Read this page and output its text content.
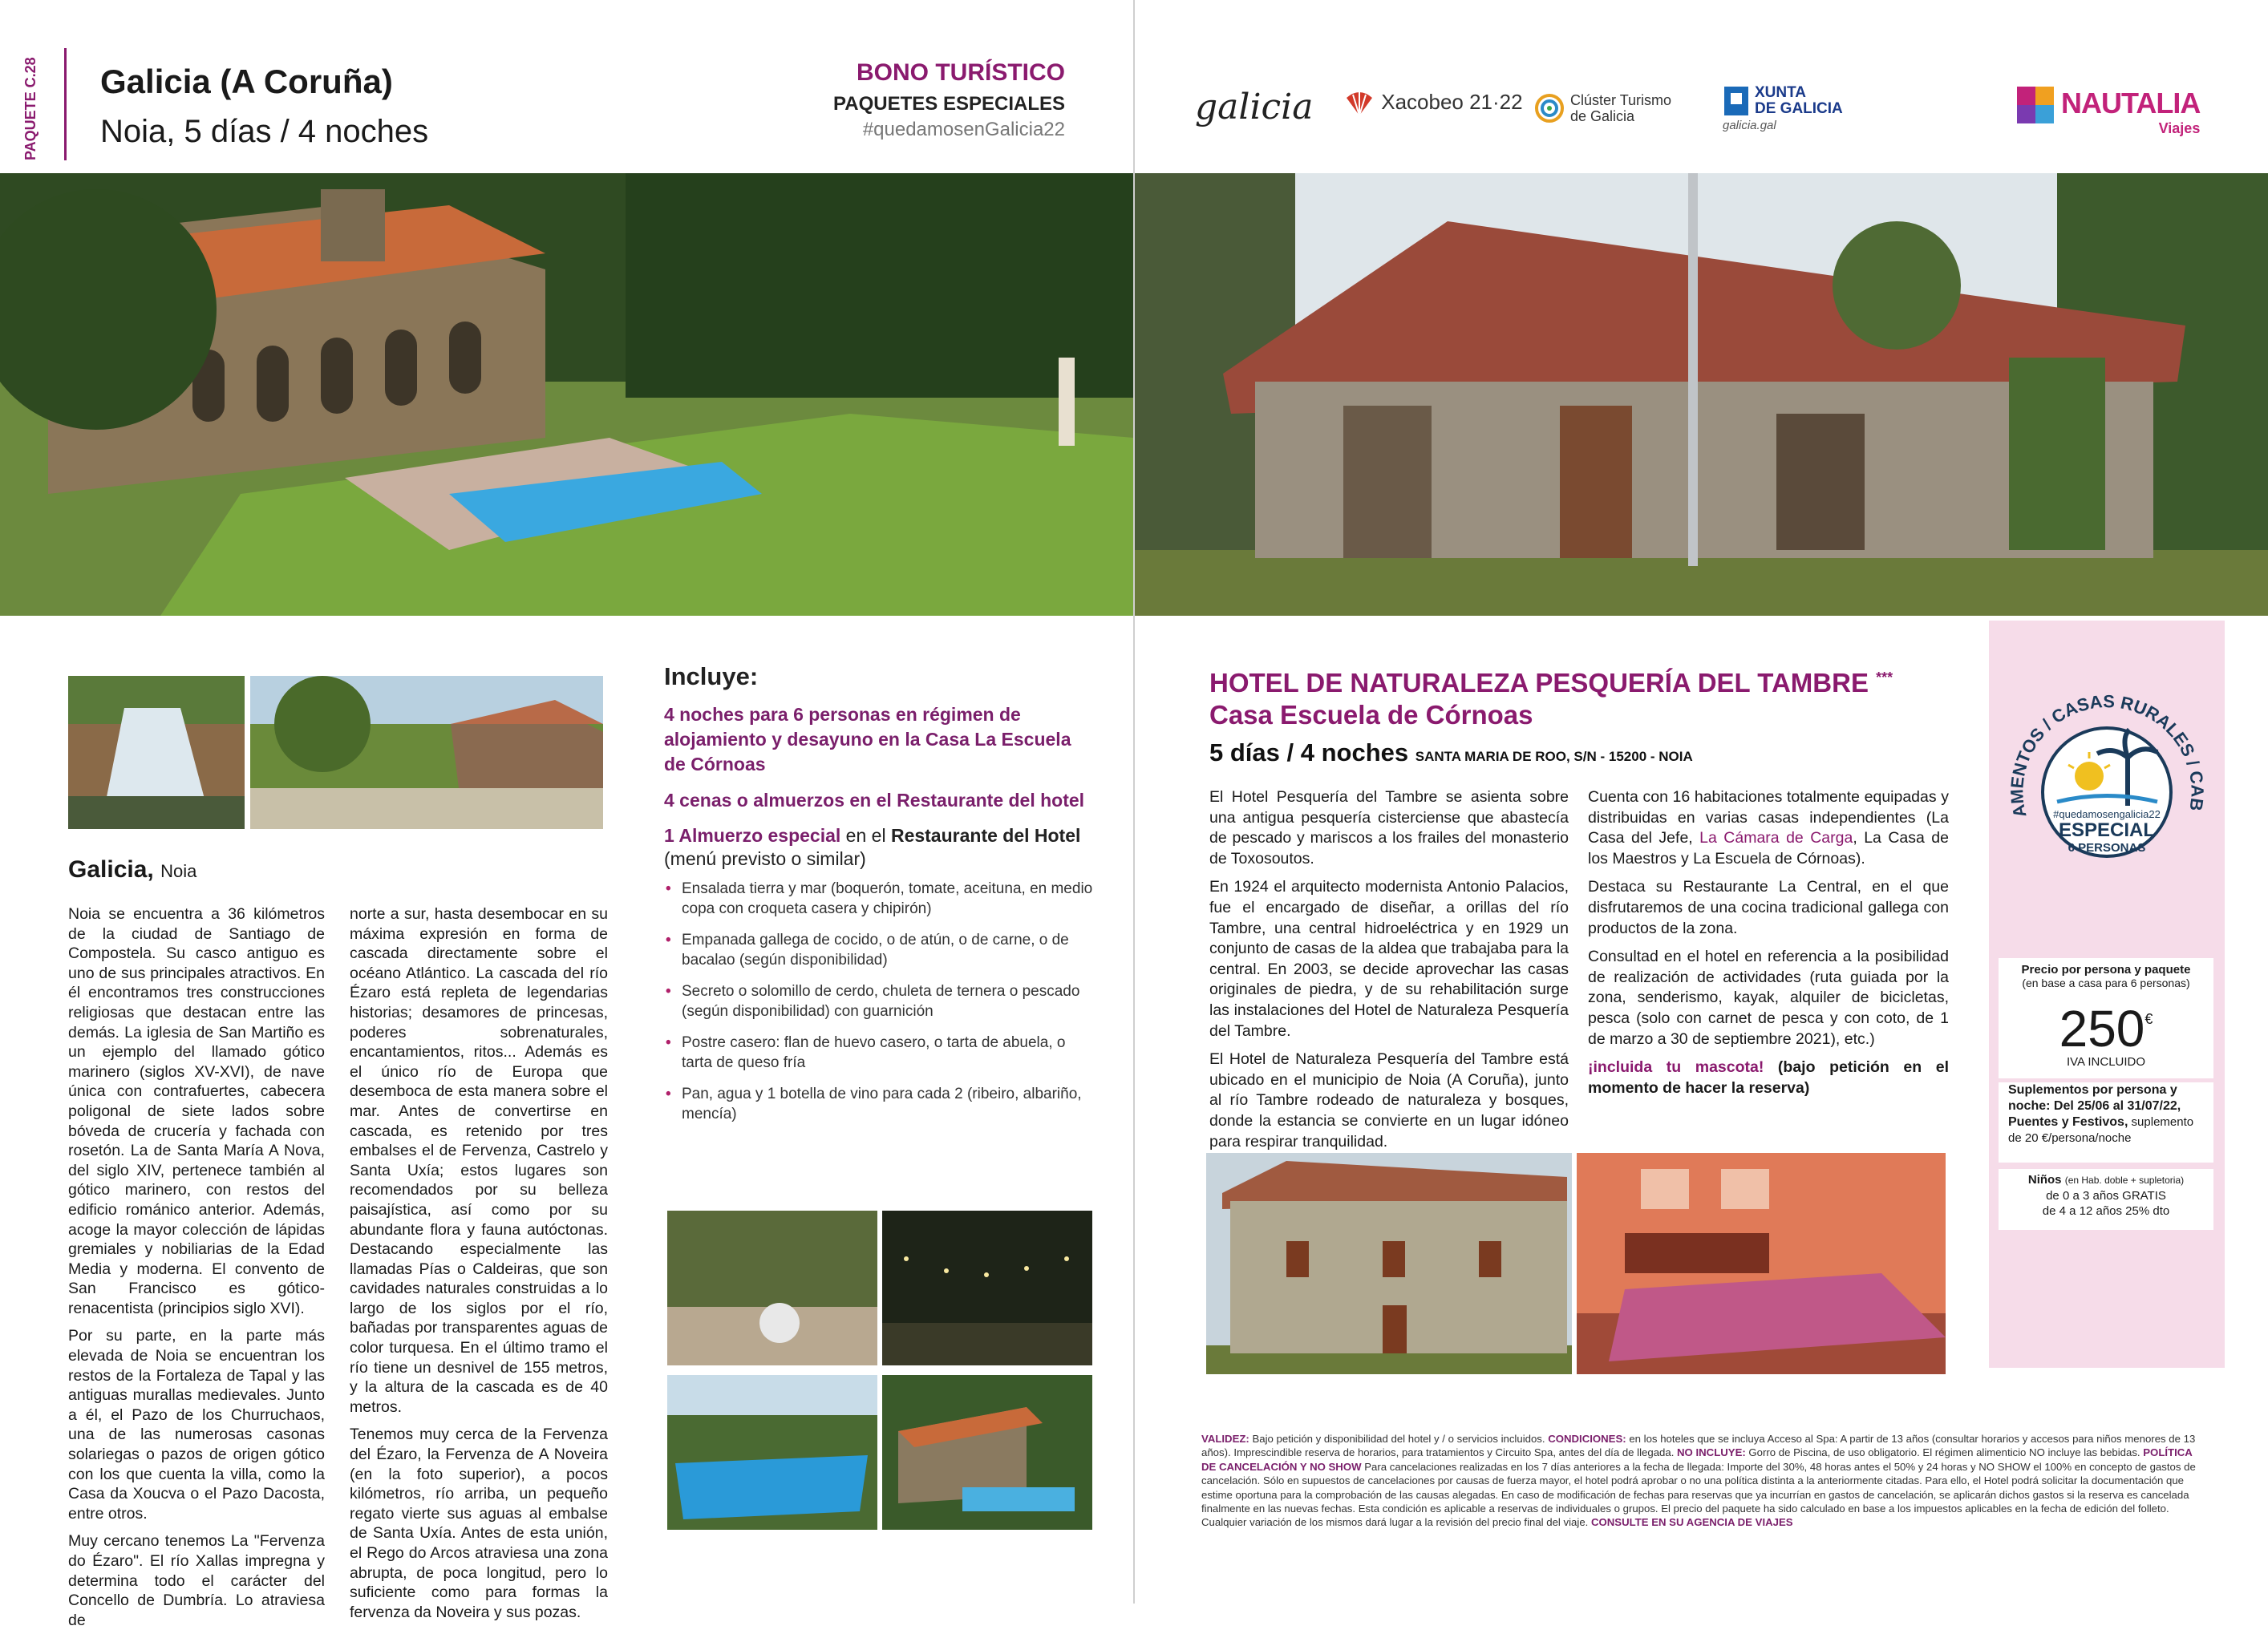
PAQUETE C.28 Galicia (A Coruña)
Noia, 5 días / 4 noches
BONO TURÍSTICO
PAQUETES ESPECIALES
#quedamosenGalicia22
galicia	Xacobeo 21·22	Clúster Turismo
de Galicia
XUNTA
DE GALICIA
galicia.gal
NAUTALIA
Viajes
Galicia, Noia

Noia se encuentra a 36 kilómetros de la ciudad de Santiago de Compostela. Su casco antiguo es uno de sus principales atractivos. En él encontramos tres construcciones religiosas que destacan entre las demás. La iglesia de San Martiño es un ejemplo del llamado gótico marinero (siglos XV-XVI), de nave única con contrafuertes, cabecera poligonal de siete lados sobre bóveda de crucería y fachada con rosetón. La de Santa María A Nova, del siglo XIV, pertenece también al gótico marinero, con restos del edificio románico anterior. Además, acoge la mayor colección de lápidas gremiales y nobiliarias de la Edad Media y moderna. El convento de San Francisco es gótico-renacentista (principios siglo XVI).

Por su parte, en la parte más elevada de Noia se encuentran los restos de la Fortaleza de Tapal y las antiguas murallas medievales. Junto a él, el Pazo de los Churruchaos, una de las numerosas casonas solariegas o pazos de origen gótico con los que cuenta la villa, como la Casa da Xoucva o el Pazo Dacosta, entre otros.

Muy cercano tenemos La "Fervenza do Ézaro". El río Xallas impregna y determina todo el carácter del Concello de Dumbría. Lo atraviesa de

norte a sur, hasta desembocar en su máxima expresión en forma de cascada directamente sobre el océano Atlántico. La cascada del río Ézaro está repleta de legendarias historias; desamores de princesas, poderes sobrenaturales, encantamientos, ritos... Además es el único río de Europa que desemboca de esta manera sobre el mar. Antes de convertirse en cascada, es retenido por tres embalses el de Fervenza, Castrelo y Santa Uxía; estos lugares son recomendados por su belleza paisajística, así como por su abundante flora y fauna autóctonas. Destacando especialmente las llamadas Pías o Caldeiras, que son cavidades naturales construidas a lo largo de los siglos por el río, bañadas por transparentes aguas de color turquesa. En el último tramo el río tiene un desnivel de 155 metros, y la altura de la cascada es de 40 metros.

Tenemos muy cerca de la Fervenza del Ézaro, la Fervenza de A Noveira (en la foto superior), a pocos kilómetros, río arriba, un pequeño regato vierte sus aguas al embalse de Santa Uxía. Antes de esta unión, el Rego do Arcos atraviesa una zona abrupta, de poca longitud, pero lo suficiente como para formas la fervenza da Noveira y sus pozas.

Incluye:

4 noches para 6 personas en régimen de alojamiento y desayuno en la Casa La Escuela de Córnoas

4 cenas o almuerzos en el Restaurante del hotel

1 Almuerzo especial en el Restaurante del Hotel
(menú previsto o similar)

• Ensalada tierra y mar (boquerón, tomate, aceituna, en medio copa con croqueta casera y chipirón)
• Empanada gallega de cocido, o de atún, o de carne, o de bacalao (según disponibilidad)
• Secreto o solomillo de cerdo, chuleta de ternera o pescado (según disponibilidad) con guarnición
• Postre casero: flan de huevo casero, o tarta de abuela, o tarta de queso fría
• Pan, agua y 1 botella de vino para cada 2 (ribeiro, albariño, mencía)
HOTEL DE NATURALEZA PESQUERÍA DEL TAMBRE ***
Casa Escuela de Córnoas
5 días / 4 noches SANTA MARIA DE ROO, S/N - 15200 - NOIA

El Hotel Pesquería del Tambre se asienta sobre una antigua pesquería cisterciense que abastecía de pescado y mariscos a los frailes del monasterio de Toxosoutos.

En 1924 el arquitecto modernista Antonio Palacios, fue el encargado de diseñar, a orillas del río Tambre, una central hidroeléctrica y en 1929 un conjunto de casas de la aldea que trabajaba para la central. En 2003, se decide aprovechar las casas originales de piedra, y de su rehabilitación surge las instalaciones del Hotel de Naturaleza Pesquería del Tambre.

El Hotel de Naturaleza Pesquería del Tambre está ubicado en el municipio de Noia (A Coruña), junto al río Tambre rodeado de naturaleza y bosques, donde la estancia se convierte en un lugar idóneo para respirar tranquilidad.

Cuenta con 16 habitaciones totalmente equipadas y distribuidas en varias casas independientes (La Casa del Jefe, La Cámara de Carga, La Casa de los Maestros y La Escuela de Córnoas).

Destaca su Restaurante La Central, en el que disfrutaremos de una cocina tradicional gallega con productos de la zona.

Consultad en el hotel en referencia a la posibilidad de realización de actividades (ruta guiada por la zona, senderismo, kayak, alquiler de bicicletas, pesca (solo con carnet de pesca y con coto, de 1 de marzo a 30 de septiembre 2021), etc.)

¡incluida tu mascota! (bajo petición en el momento de hacer la reserva)

AMENTOS / CASAS RURALES / CAB
#quedamosengalicia22
ESPECIAL
6 PERSONAS
Precio por persona y paquete
(en base a casa para 6 personas)
250€
IVA INCLUIDO
Suplementos por persona y noche: Del 25/06 al 31/07/22, Puentes y Festivos, suplemento de 20 €/persona/noche
Niños (en Hab. doble + supletoria)
de 0 a 3 años GRATIS
de 4 a 12 años 25% dto
VALIDEZ: Bajo petición y disponibilidad del hotel y / o servicios incluidos. CONDICIONES: en los hoteles que se incluya Acceso al Spa: A partir de 13 años (consultar horarios y accesos para niños menores de 13 años). Imprescindible reserva de horarios, para tratamientos y Circuito Spa, antes del día de llegada. NO INCLUYE: Gorro de Piscina, de uso obligatorio. El régimen alimenticio NO incluye las bebidas. POLÍTICA DE CANCELACIÓN Y NO SHOW Para cancelaciones realizadas en los 7 días anteriores a la fecha de llegada: Importe del 30%, 48 horas antes el 50% y 24 horas y NO SHOW el 100% en concepto de gastos de cancelación. Sólo en supuestos de cancelaciones por causas de fuerza mayor, el hotel podrá aprobar o no una política distinta a la anteriormente citadas. Para ello, el Hotel podrá solicitar la documentación que estime oportuna para la comprobación de las causas alegadas. En caso de modificación de fechas para reservas que ya incurrían en gastos de cancelación, se aplicarán dichos gastos si la reserva es cancelada finalmente en las nuevas fechas. Esta condición es aplicable a reservas de individuales o grupos. El precio del paquete ha sido calculado en base a los impuestos aplicables en la fecha de edición del folleto. Cualquier variación de los mismos dará lugar a la revisión del precio final del viaje. CONSULTE EN SU AGENCIA DE VIAJES
